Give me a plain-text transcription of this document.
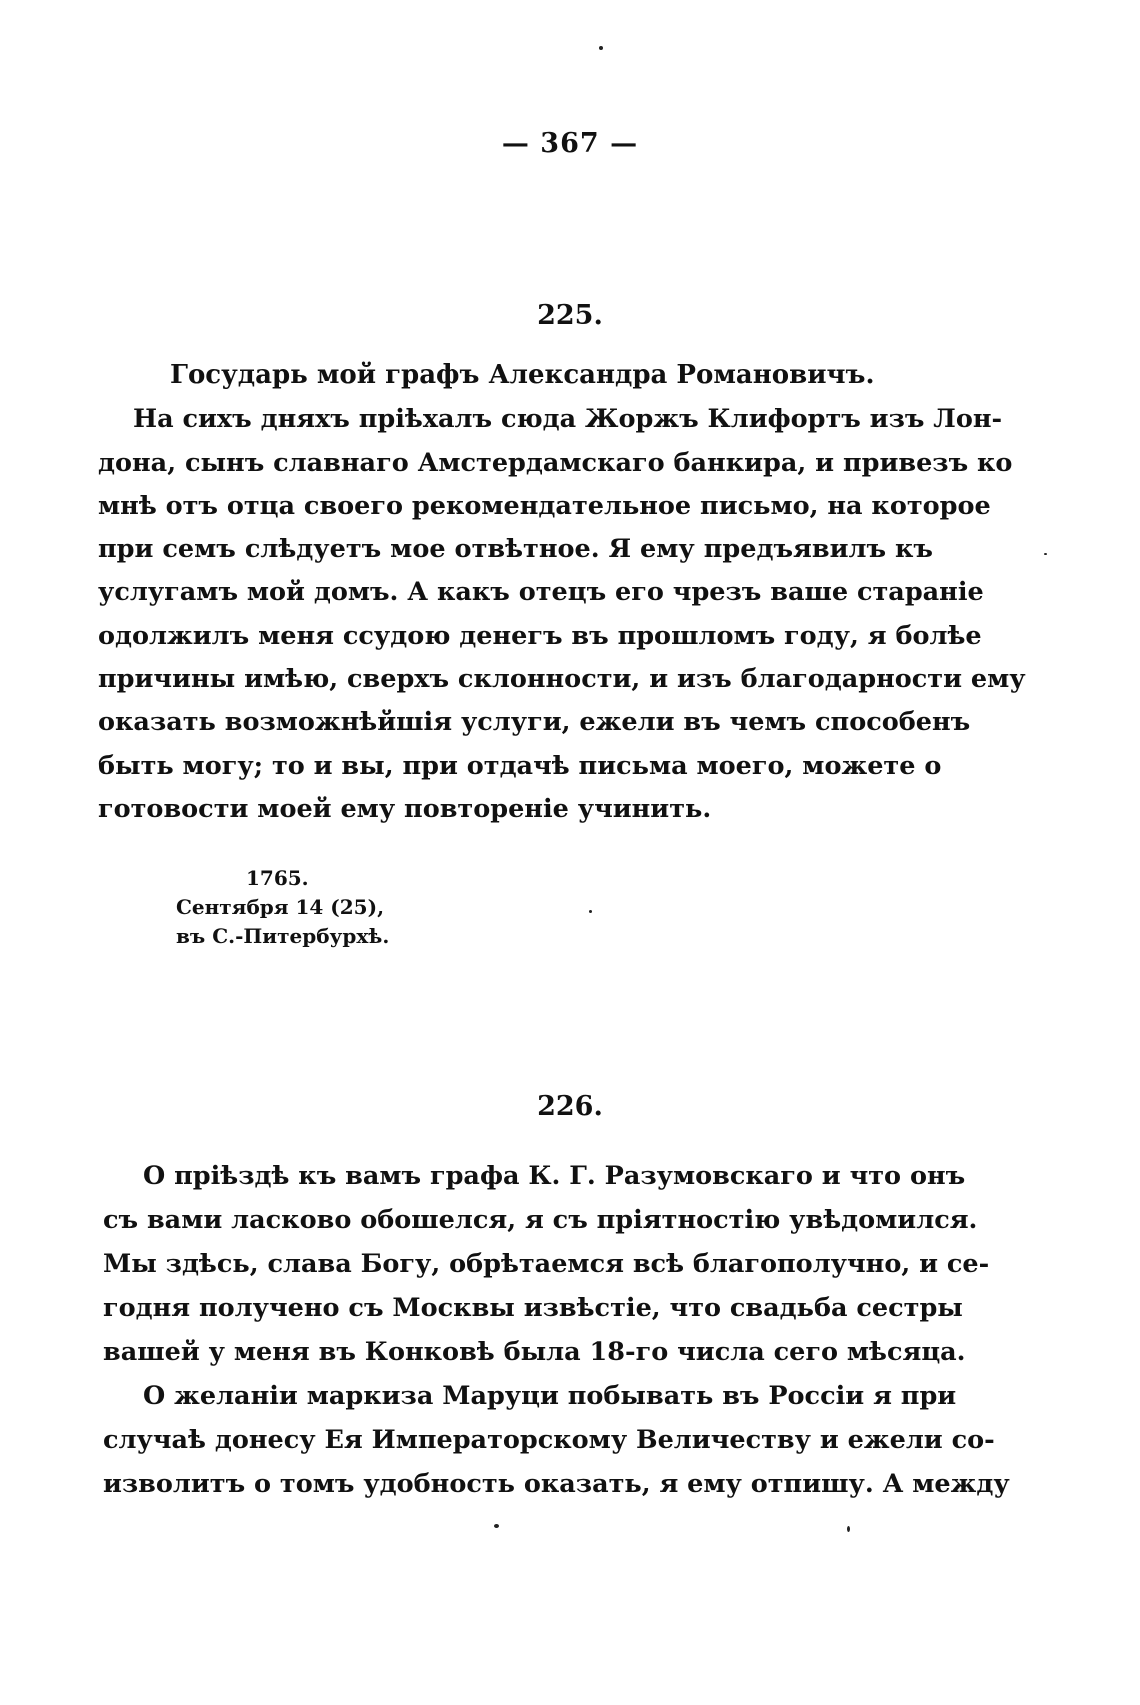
— 367 —
225.
Государь мой графъ Александра Романовичъ.
На сихъ дняхъ пріѣхалъ сюда Жоржъ Клифортъ изъ Лон-
дона, сынъ славнаго Амстердамскаго банкира, и привезъ ко
мнѣ отъ отца своего рекомендательное письмо, на которое
при семъ слѣдуетъ мое отвѣтное. Я ему предъявилъ къ
услугамъ мой домъ. А какъ отецъ его чрезъ ваше стараніе
одолжилъ меня ссудою денегъ въ прошломъ году, я болѣе
причины имѣю, сверхъ склонности, и изъ благодарности ему
оказать возможнѣйшія услуги, ежели въ чемъ способенъ
быть могу; то и вы, при отдачѣ письма моего, можете о
готовости моей ему повтореніе учинить.
1765.
Сентября 14 (25),
въ С.-Питербурхѣ.
226.
О пріѣздѣ къ вамъ графа К. Г. Разумовскаго и что онъ
съ вами ласково обошелся, я съ пріятностію увѣдомился.
Мы здѣсь, слава Богу, обрѣтаемся всѣ благополучно, и се-
годня получено съ Москвы извѣстіе, что свадьба сестры
вашей у меня въ Конковѣ была 18-го числа сего мѣсяца.
О желаніи маркиза Маруци побывать въ Россіи я при
случаѣ донесу Ея Императорскому Величеству и ежели со-
изволитъ о томъ удобность оказать, я ему отпишу. А между
